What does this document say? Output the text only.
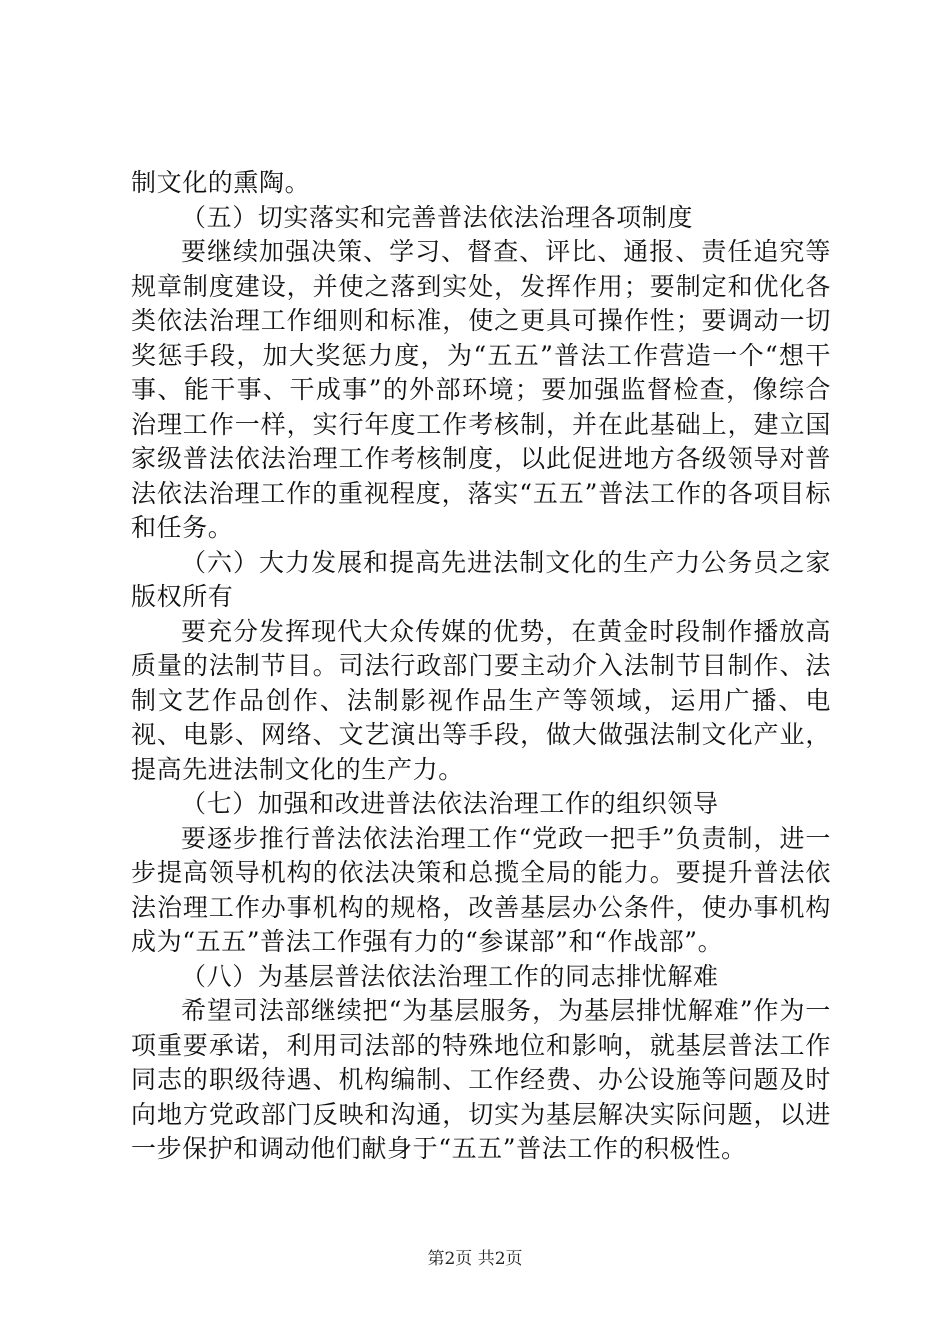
制文化的熏陶。

（五）切实落实和完善普法依法治理各项制度

要继续加强决策、学习、督查、评比、通报、责任追究等规章制度建设，并使之落到实处，发挥作用；要制定和优化各类依法治理工作细则和标准，使之更具可操作性；要调动一切奖惩手段，加大奖惩力度，为“五五”普法工作营造一个“想干事、能干事、干成事”的外部环境；要加强监督检查，像综合治理工作一样，实行年度工作考核制，并在此基础上，建立国家级普法依法治理工作考核制度，以此促进地方各级领导对普法依法治理工作的重视程度，落实“五五”普法工作的各项目标和任务。

（六）大力发展和提高先进法制文化的生产力公务员之家版权所有

要充分发挥现代大众传媒的优势，在黄金时段制作播放高质量的法制节目。司法行政部门要主动介入法制节目制作、法制文艺作品创作、法制影视作品生产等领域，运用广播、电视、电影、网络、文艺演出等手段，做大做强法制文化产业，提高先进法制文化的生产力。

（七）加强和改进普法依法治理工作的组织领导

要逐步推行普法依法治理工作“党政一把手”负责制，进一步提高领导机构的依法决策和总揽全局的能力。要提升普法依法治理工作办事机构的规格，改善基层办公条件，使办事机构成为“五五”普法工作强有力的“参谋部”和“作战部”。

（八）为基层普法依法治理工作的同志排忧解难

希望司法部继续把“为基层服务，为基层排忧解难”作为一项重要承诺，利用司法部的特殊地位和影响，就基层普法工作同志的职级待遇、机构编制、工作经费、办公设施等问题及时向地方党政部门反映和沟通，切实为基层解决实际问题，以进一步保护和调动他们献身于“五五”普法工作的积极性。

第2页 共2页
